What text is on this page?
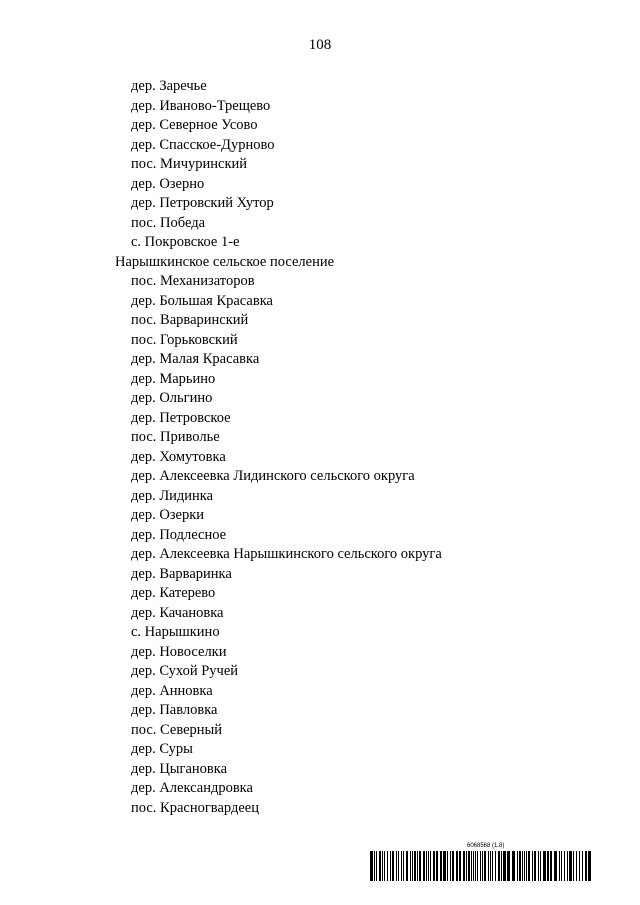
108
дер. Заречье
дер. Иваново-Трещево
дер. Северное Усово
дер. Спасское-Дурново
пос. Мичуринский
дер. Озерно
дер. Петровский Хутор
пос. Победа
с. Покровское 1-е
Нарышкинское сельское поселение
пос. Механизаторов
дер. Большая Красавка
пос. Варваринский
пос. Горьковский
дер. Малая Красавка
дер. Марьино
дер. Ольгино
дер. Петровское
пос. Приволье
дер. Хомутовка
дер. Алексеевка Лидинского сельского округа
дер. Лидинка
дер. Озерки
дер. Подлесное
дер. Алексеевка Нарышкинского сельского округа
дер. Варваринка
дер. Катерево
дер. Качановка
с. Нарышкино
дер. Новоселки
дер. Сухой Ручей
дер. Анновка
дер. Павловка
пос. Северный
дер. Суры
дер. Цыгановка
дер. Александровка
пос. Красногвардеец
6068568 (1.8)
